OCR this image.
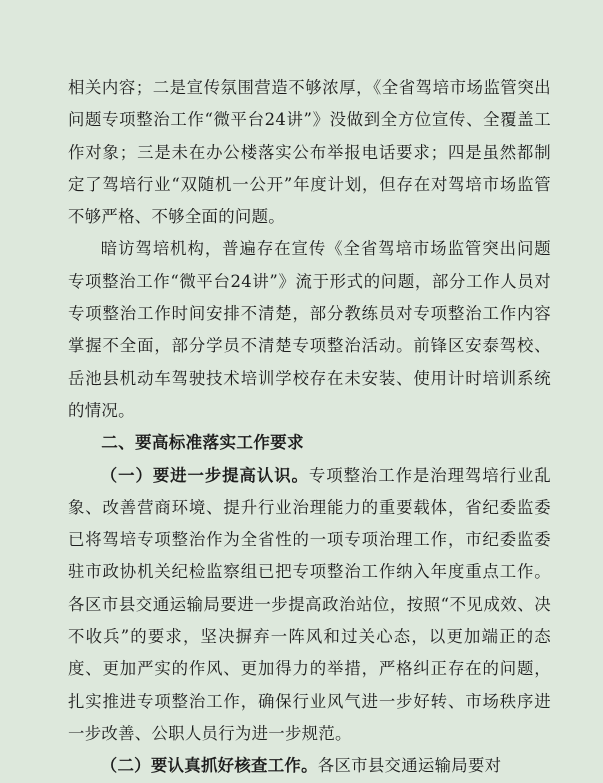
相关内容；二是宣传氛围营造不够浓厚，《全省驾培市场监管突出问题专项整治工作“微平台24讲”》没做到全方位宣传、全覆盖工作对象；三是未在办公楼落实公布举报电话要求；四是虽然都制定了驾培行业“双随机一公开”年度计划，但存在对驾培市场监管不够严格、不够全面的问题。

暗访驾培机构，普遍存在宣传《全省驾培市场监管突出问题专项整治工作“微平台24讲”》流于形式的问题，部分工作人员对专项整治工作时间安排不清楚，部分教练员对专项整治工作内容掌握不全面，部分学员不清楚专项整治活动。前锋区安泰驾校、岳池县机动车驾驶技术培训学校存在未安装、使用计时培训系统的情况。

二、要高标准落实工作要求

（一）要进一步提高认识。专项整治工作是治理驾培行业乱象、改善营商环境、提升行业治理能力的重要载体，省纪委监委已将驾培专项整治作为全省性的一项专项治理工作，市纪委监委驻市政协机关纪检监察组已把专项整治工作纳入年度重点工作。各区市县交通运输局要进一步提高政治站位，按照“不见成效、决不收兵”的要求，坚决摒弃一阵风和过关心态，以更加端正的态度、更加严实的作风、更加得力的举措，严格纠正存在的问题，扎实推进专项整治工作，确保行业风气进一步好转、市场秩序进一步改善、公职人员行为进一步规范。

（二）要认真抓好核查工作。各区市县交通运输局要对
